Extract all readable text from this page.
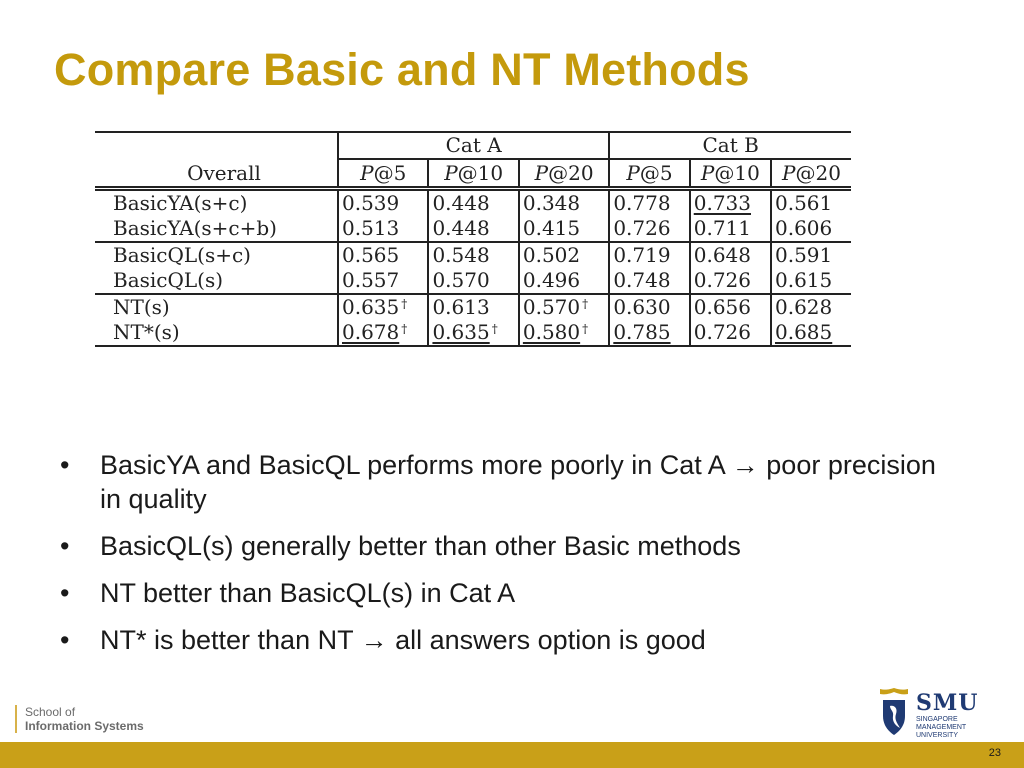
Compare Basic and NT Methods
Overall	Cat A			Cat B		
	P@5	P@10	P@20	P@5	P@10	P@20
BasicYA(s+c)	0.539	0.448	0.348	0.778	0.733	0.561
BasicYA(s+c+b)	0.513	0.448	0.415	0.726	0.711	0.606
BasicQL(s+c)	0.565	0.548	0.502	0.719	0.648	0.591
BasicQL(s)	0.557	0.570	0.496	0.748	0.726	0.615
NT(s)	0.635 †	0.613	0.570 †	0.630	0.656	0.628
NT*(s)	0.678 †	0.635 †	0.580 †	0.785	0.726	0.685
• BasicYA and BasicQL performs more poorly in Cat A → poor precision in quality
• BasicQL(s) generally better than other Basic methods
• NT better than BasicQL(s) in Cat A
• NT* is better than NT → all answers option is good
School of
Information Systems
SMU
SINGAPORE MANAGEMENT UNIVERSITY
23
